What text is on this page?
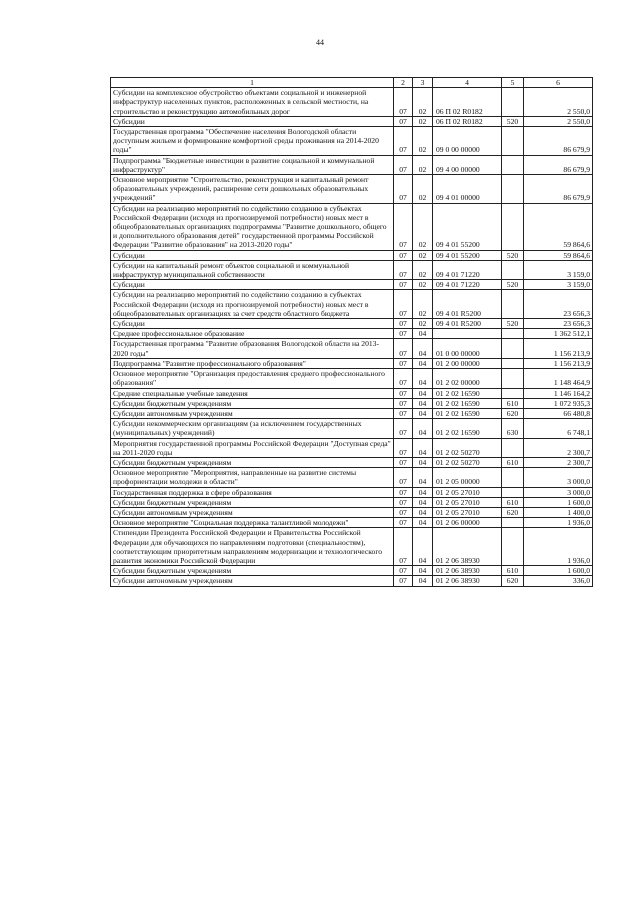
44
1	2	3	4	5	6
Субсидии на комплексное обустройство объектами социальной и инженерной инфраструктур населенных пунктов, расположенных в сельской местности, на строительство и реконструкцию автомобильных дорог	07	02	06 П 02 R0182		2 550,0
Субсидии	07	02	06 П 02 R0182	520	2 550,0
Государственная программа "Обеспечение населения Вологодской области доступным жильем и формирование комфортной среды проживания на 2014-2020 годы"	07	02	09 0 00 00000		86 679,9
Подпрограмма "Бюджетные инвестиции в развитие социальной и коммунальной инфраструктур"	07	02	09 4 00 00000		86 679,9
Основное мероприятие "Строительство, реконструкция и капитальный ремонт образовательных учреждений, расширение сети дошкольных образовательных учреждений"	07	02	09 4 01 00000		86 679,9
Субсидии на реализацию мероприятий по содействию созданию в субъектах Российской Федерации (исходя из прогнозируемой потребности) новых мест в общеобразовательных организациях подпрограммы "Развитие дошкольного, общего и дополнительного образования детей" государственной программы Российской Федерации "Развитие образования" на 2013-2020 годы"	07	02	09 4 01 55200		59 864,6
Субсидии	07	02	09 4 01 55200	520	59 864,6
Субсидии на капитальный ремонт объектов социальной и коммунальной инфраструктур муниципальной собственности	07	02	09 4 01 71220		3 159,0
Субсидии	07	02	09 4 01 71220	520	3 159,0
Субсидии на реализацию мероприятий по содействию созданию в субъектах Российской Федерации (исходя из прогнозируемой потребности) новых мест в общеобразовательных организациях за счет средств областного бюджета	07	02	09 4 01 R5200		23 656,3
Субсидии	07	02	09 4 01 R5200	520	23 656,3
Среднее профессиональное образование	07	04			1 362 512,1
Государственная программа "Развитие образования Вологодской области на 2013-2020 годы"	07	04	01 0 00 00000		1 156 213,9
Подпрограмма "Развитие профессионального образования"	07	04	01 2 00 00000		1 156 213,9
Основное мероприятие "Организация предоставления среднего профессионального образования"	07	04	01 2 02 00000		1 148 464,9
Средние специальные учебные заведения	07	04	01 2 02 16590		1 146 164,2
Субсидии бюджетным учреждениям	07	04	01 2 02 16590	610	1 072 935,3
Субсидии автономным учреждениям	07	04	01 2 02 16590	620	66 480,8
Субсидии некоммерческим организациям (за исключением государственных (муниципальных) учреждений)	07	04	01 2 02 16590	630	6 748,1
Мероприятия государственной программы Российской Федерации "Доступная среда" на 2011-2020 годы	07	04	01 2 02 50270		2 300,7
Субсидии бюджетным учреждениям	07	04	01 2 02 50270	610	2 300,7
Основное мероприятие "Мероприятия, направленные на развитие системы профориентации молодежи в области"	07	04	01 2 05 00000		3 000,0
Государственная поддержка в сфере образования	07	04	01 2 05 27010		3 000,0
Субсидии бюджетным учреждениям	07	04	01 2 05 27010	610	1 600,0
Субсидии автономным учреждениям	07	04	01 2 05 27010	620	1 400,0
Основное мероприятие "Социальная поддержка талантливой молодежи"	07	04	01 2 06 00000		1 936,0
Стипендии Президента Российской Федерации и Правительства Российской Федерации для обучающихся по направлениям подготовки (специальностям), соответствующим приоритетным направлениям модернизации и технологического развития экономики Российской Федерации	07	04	01 2 06 38930		1 936,0
Субсидии бюджетным учреждениям	07	04	01 2 06 38930	610	1 600,0
Субсидии автономным учреждениям	07	04	01 2 06 38930	620	336,0
